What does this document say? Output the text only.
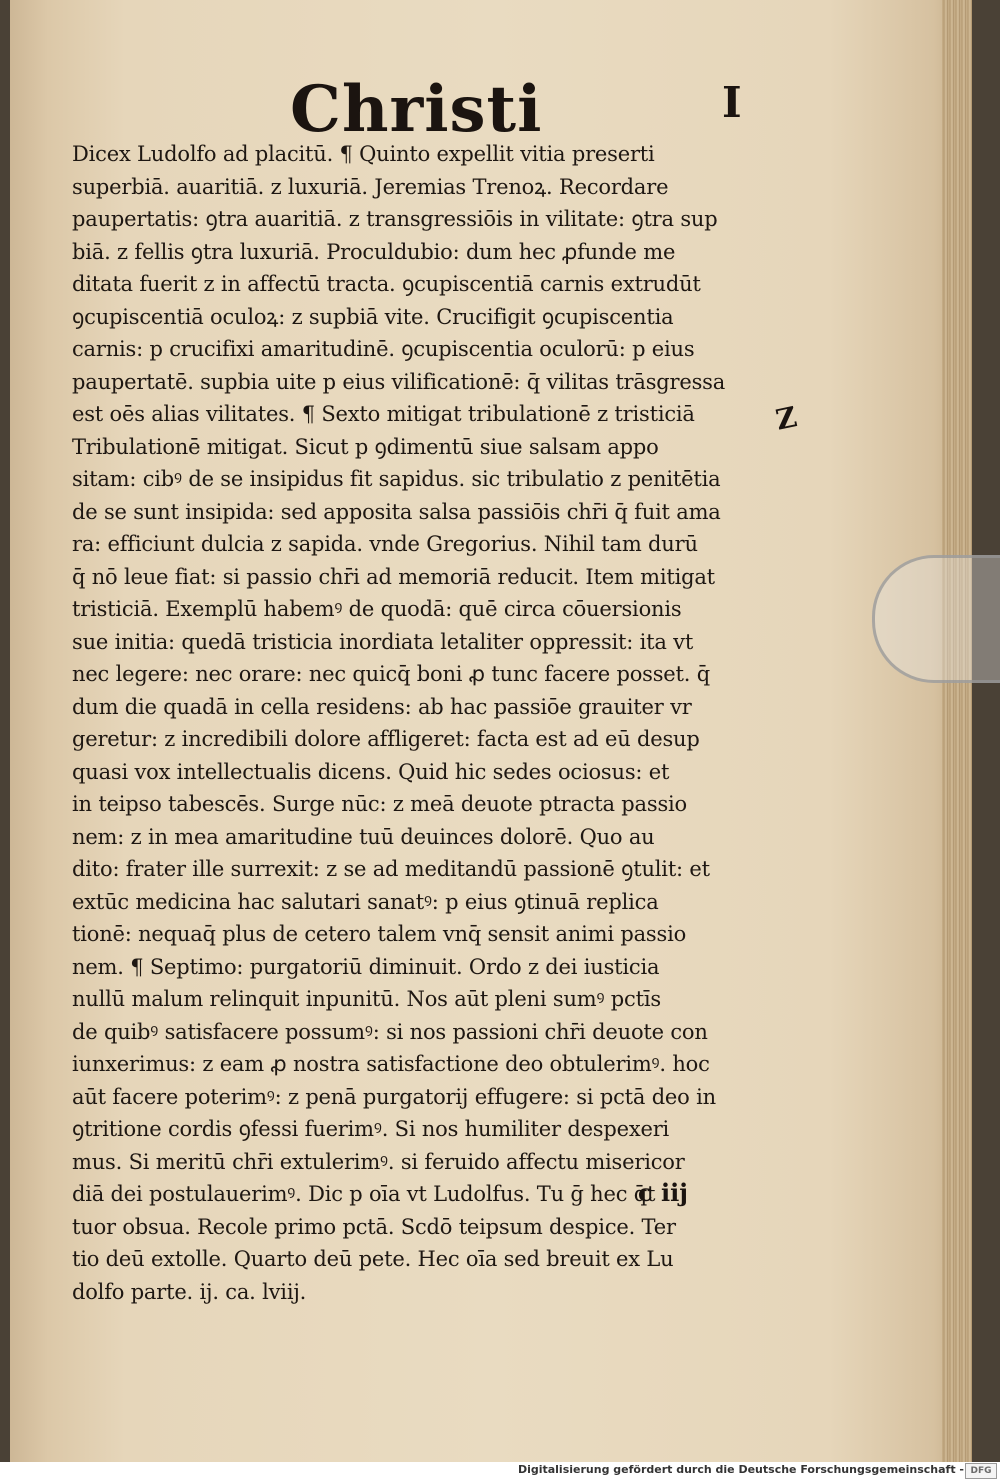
Christi	I
Z
Dicex Ludolfo ad placitū. ¶ Quinto expellit vitia preserti
superbiā. auaritiā. z luxuriā. Jeremias Trenoꝝ. Recordare
paupertatis: ꝯtra auaritiā. z transgressiōis in vilitate: ꝯtra sup
biā. z fellis ꝯtra luxuriā. Proculdubio: dum hec ꝓfunde me
ditata fuerit z in affectū tracta. ꝯcupiscentiā carnis extrudūt
ꝯcupiscentiā oculoꝝ: z supbiā vite. Crucifigit ꝯcupiscentia
carnis: p crucifixi amaritudinē. ꝯcupiscentia oculorū: p eius
paupertatē. supbia uite p eius vilificationē: q̄ vilitas trāsgressa
est oēs alias vilitates. ¶ Sexto mitigat tribulationē z tristiciā
Tribulationē mitigat. Sicut p ꝯdimentū siue salsam appo
sitam: cibꝰ de se insipidus fit sapidus. sic tribulatio z penitētia
de se sunt insipida: sed apposita salsa passiōis chr̄i q̄ fuit ama
ra: efficiunt dulcia z sapida. vnde Gregorius. Nihil tam durū
q̄ nō leue fiat: si passio chr̄i ad memoriā reducit. Item mitigat
tristiciā. Exemplū habemꝰ de quodā: quē circa cōuersionis
sue initia: quedā tristicia inordiata letaliter oppressit: ita vt
nec legere: nec orare: nec quicq̄ boni ꝓ tunc facere posset. q̄
dum die quadā in cella residens: ab hac passiōe grauiter vr
geretur: z incredibili dolore affligeret: facta est ad eū desup
quasi vox intellectualis dicens. Quid hic sedes ociosus: et
in teipso tabescēs. Surge nūc: z meā deuote ptracta passio
nem: z in mea amaritudine tuū deuinces dolorē. Quo au
dito: frater ille surrexit: z se ad meditandū passionē ꝯtulit: et
extūc medicina hac salutari sanatꝰ: p eius ꝯtinuā replica
tionē: nequaq̄ plus de cetero talem vnq̄ sensit animi passio
nem. ¶ Septimo: purgatoriū diminuit. Ordo z dei iusticia
nullū malum relinquit inpunitū. Nos aūt pleni sumꝰ pctīs
de quibꝰ satisfacere possumꝰ: si nos passioni chr̄i deuote con
iunxerimus: z eam ꝓ nostra satisfactione deo obtulerimꝰ. hoc
aūt facere poterimꝰ: z penā purgatorij effugere: si pctā deo in
ꝯtritione cordis ꝯfessi fuerimꝰ. Si nos humiliter despexeri
mus. Si meritū chr̄i extulerimꝰ. si feruido affectu misericor
diā dei postulauerimꝰ. Dic p oīa vt Ludolfus. Tu ḡ hec q̄t
tuor obsua. Recole primo pctā. Scdō teipsum despice. Ter
tio deū extolle. Quarto deū pete. Hec oīa sed breuit ex Lu
dolfo parte. ij. ca. lviij.
c iij
Digitalisierung gefördert durch die Deutsche Forschungsgemeinschaft - DFG
